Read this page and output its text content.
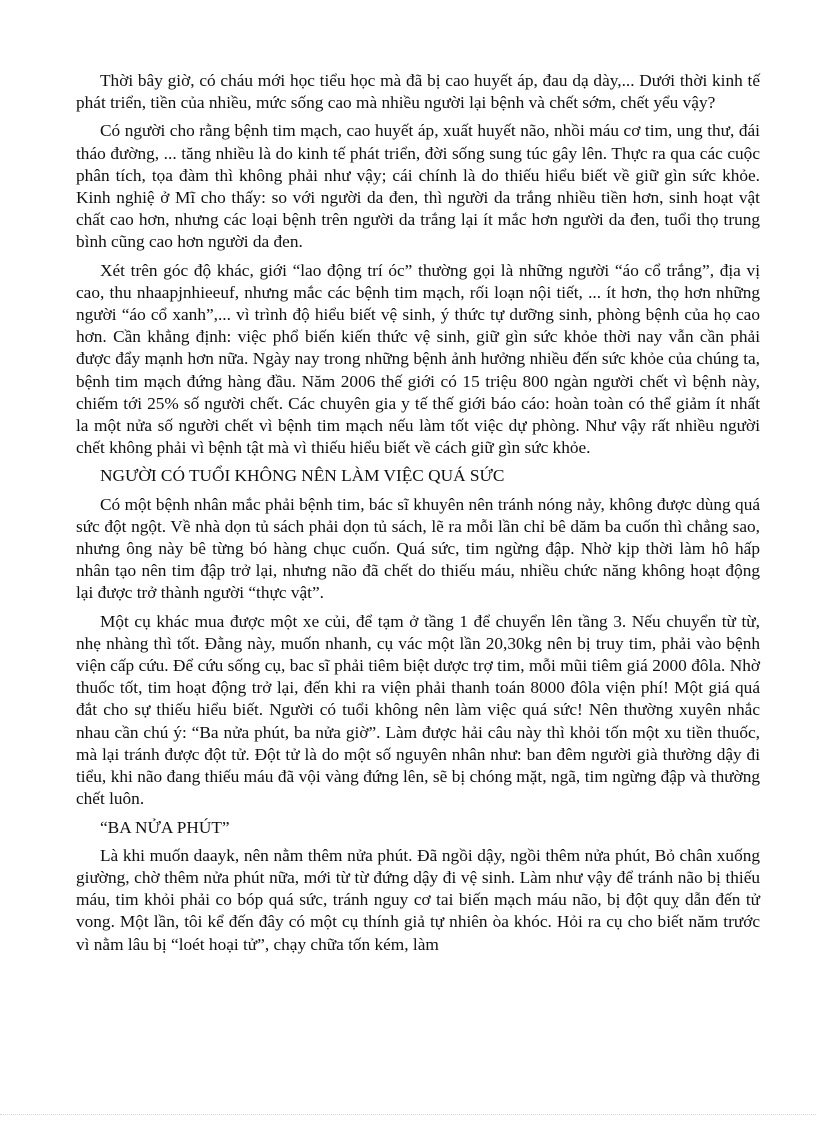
Thời bây giờ, có cháu mới học tiểu học mà đã bị cao huyết áp, đau dạ dày,... Dưới thời kinh tế phát triển, tiền của nhiều, mức sống cao mà nhiều người lại bệnh và chết sớm, chết yểu vậy?

Có người cho rằng bệnh tim mạch, cao huyết áp, xuất huyết não, nhồi máu cơ tim, ung thư, đái tháo đường, ... tăng nhiều là do kinh tế phát triển, đời sống sung túc gây lên. Thực ra qua các cuộc phân tích, tọa đàm thì không phải như vậy; cái chính là do thiếu hiểu biết về giữ gìn sức khỏe. Kinh nghiệ ở Mĩ cho thấy: so với người da đen, thì người da trắng nhiều tiền hơn, sinh hoạt vật chất cao hơn, nhưng các loại bệnh trên người da trắng lại ít mắc hơn người da đen, tuổi thọ trung bình cũng cao hơn người da đen.

Xét trên góc độ khác, giới “lao động trí óc” thường gọi là những người “áo cổ trắng”, địa vị cao, thu nhaapjnhieeuf, nhưng mắc các bệnh tim mạch, rối loạn nội tiết, ... ít hơn, thọ hơn những người “áo cổ xanh”,... vì trình độ hiểu biết vệ sinh, ý thức tự dưỡng sinh, phòng bệnh của họ cao hơn. Cần khẳng định: việc phổ biến kiến thức vệ sinh, giữ gìn sức khỏe thời nay vẫn cần phải được đẩy mạnh hơn nữa. Ngày nay trong những bệnh ảnh hưởng nhiều đến sức khỏe của chúng ta, bệnh tim mạch đứng hàng đầu. Năm 2006 thế giới có 15 triệu 800 ngàn người chết vì bệnh này, chiếm tới 25% số người chết. Các chuyên gia y tế thế giới báo cáo: hoàn toàn có thể giảm ít nhất la một nửa số người chết vì bệnh tim mạch nếu làm tốt việc dự phòng. Như vậy rất nhiều người chết không phải vì bệnh tật mà vì thiếu hiểu biết về cách giữ gìn sức khỏe.

NGƯỜI CÓ TUỔI KHÔNG NÊN LÀM VIỆC QUÁ SỨC

Có một bệnh nhân mắc phải bệnh tim, bác sĩ khuyên nên tránh nóng nảy, không được dùng quá sức đột ngột. Về nhà dọn tủ sách phải dọn tủ sách, lẽ ra mỗi lần chỉ bê dăm ba cuốn thì chẳng sao, nhưng ông này bê từng bó hàng chục cuốn. Quá sức, tim ngừng đập. Nhờ kịp thời làm hô hấp nhân tạo nên tim đập trở lại, nhưng não đã chết do thiếu máu, nhiều chức năng không hoạt động lại được trở thành người “thực vật”.

Một cụ khác mua được một xe củi, để tạm ở tầng 1 để chuyển lên tầng 3. Nếu chuyển từ từ, nhẹ nhàng thì tốt. Đằng này, muốn nhanh, cụ vác một lần 20,30kg nên bị truy tim, phải vào bệnh viện cấp cứu. Để cứu sống cụ, bac sĩ phải tiêm biệt dược trợ tim, mỗi mũi tiêm giá 2000 đôla. Nhờ thuốc tốt, tim hoạt động trở lại, đến khi ra viện phải thanh toán 8000 đôla viện phí! Một giá quá đắt cho sự thiếu hiểu biết. Người có tuổi không nên làm việc quá sức! Nên thường xuyên nhắc nhau cần chú ý: “Ba nửa phút, ba nửa giờ”. Làm được hải câu này thì khỏi tốn một xu tiền thuốc, mà lại tránh được đột tử. Đột tử là do một số nguyên nhân như: ban đêm người già thường dậy đi tiểu, khi não đang thiếu máu đã vội vàng đứng lên, sẽ bị chóng mặt, ngã, tim ngừng đập và thường chết luôn.

“BA NỬA PHÚT”

Là khi muốn daayk, nên nằm thêm nửa phút. Đã ngồi dậy, ngồi thêm nửa phút, Bỏ chân xuống giường, chờ thêm nửa phút nữa, mới từ từ đứng dậy đi vệ sinh. Làm như vậy để tránh não bị thiếu máu, tim khỏi phải co bóp quá sức, tránh nguy cơ tai biến mạch máu não, bị đột quỵ dẫn đến tử vong. Một lần, tôi kể đến đây có một cụ thính giả tự nhiên òa khóc. Hỏi ra cụ cho biết năm trước vì nằm lâu bị “loét hoại tử”, chạy chữa tốn kém, làm
